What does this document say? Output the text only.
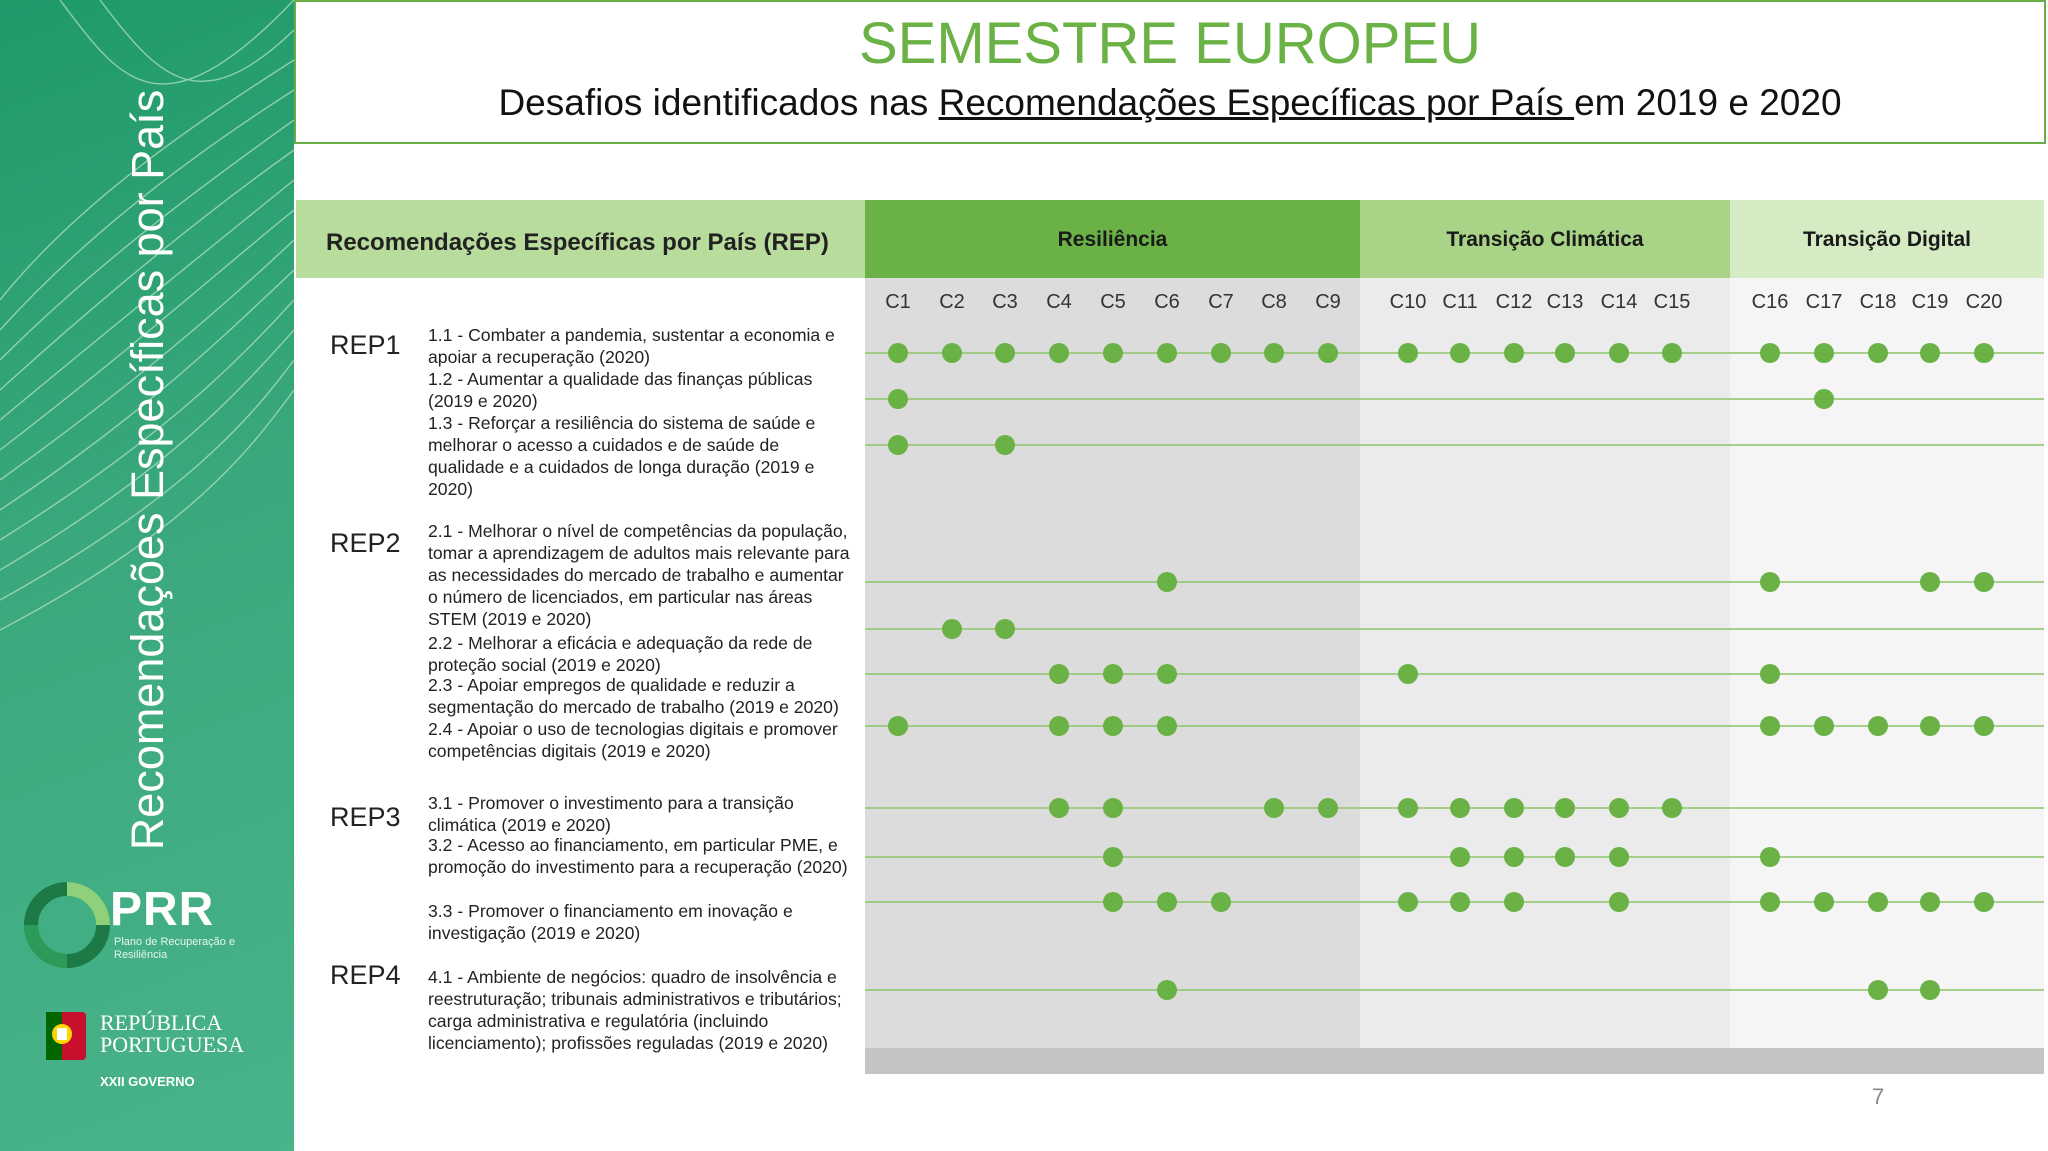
Recomendações Específicas por País
PRR
Plano de Recuperação e Resiliência
REPÚBLICA
PORTUGUESA
XXII GOVERNO
SEMESTRE EUROPEU
Desafios identificados nas Recomendações Específicas por País em 2019 e 2020
Recomendações Específicas por País (REP)	Resiliência
C1 C2 C3 C4 C5 C6 C7 C8 C9
Transição Climática
C10 C11 C12 C13 C14 C15
Transição Digital
C16 C17 C18 C19 C20
REP1 1.1 - Combater a pandemia, sustentar a economia e apoiar a recuperação (2020)
1.2 - Aumentar a qualidade das finanças públicas (2019 e 2020)
1.3 - Reforçar a resiliência do sistema de saúde e melhorar o acesso a cuidados e de saúde de qualidade e a cuidados de longa duração (2019 e 2020)
REP2 2.1 - Melhorar o nível de competências da população, tomar a aprendizagem de adultos mais relevante para as necessidades do mercado de trabalho e aumentar o número de licenciados, em particular nas áreas STEM (2019 e 2020)
2.2 - Melhorar a eficácia e adequação da rede de proteção social (2019 e 2020)
2.3 - Apoiar empregos de qualidade e reduzir a segmentação do mercado de trabalho (2019 e 2020)
2.4 - Apoiar o uso de tecnologias digitais e promover competências digitais (2019 e 2020)
REP3 3.1 - Promover o investimento para a transição climática (2019 e 2020)
3.2 - Acesso ao financiamento, em particular PME, e promoção do investimento para a recuperação (2020)
3.3 - Promover o financiamento em inovação e investigação (2019 e 2020)
REP4 4.1 - Ambiente de negócios: quadro de insolvência e reestruturação; tribunais administrativos e tributários; carga administrativa e regulatória (incluindo licenciamento); profissões reguladas (2019 e 2020)
7
